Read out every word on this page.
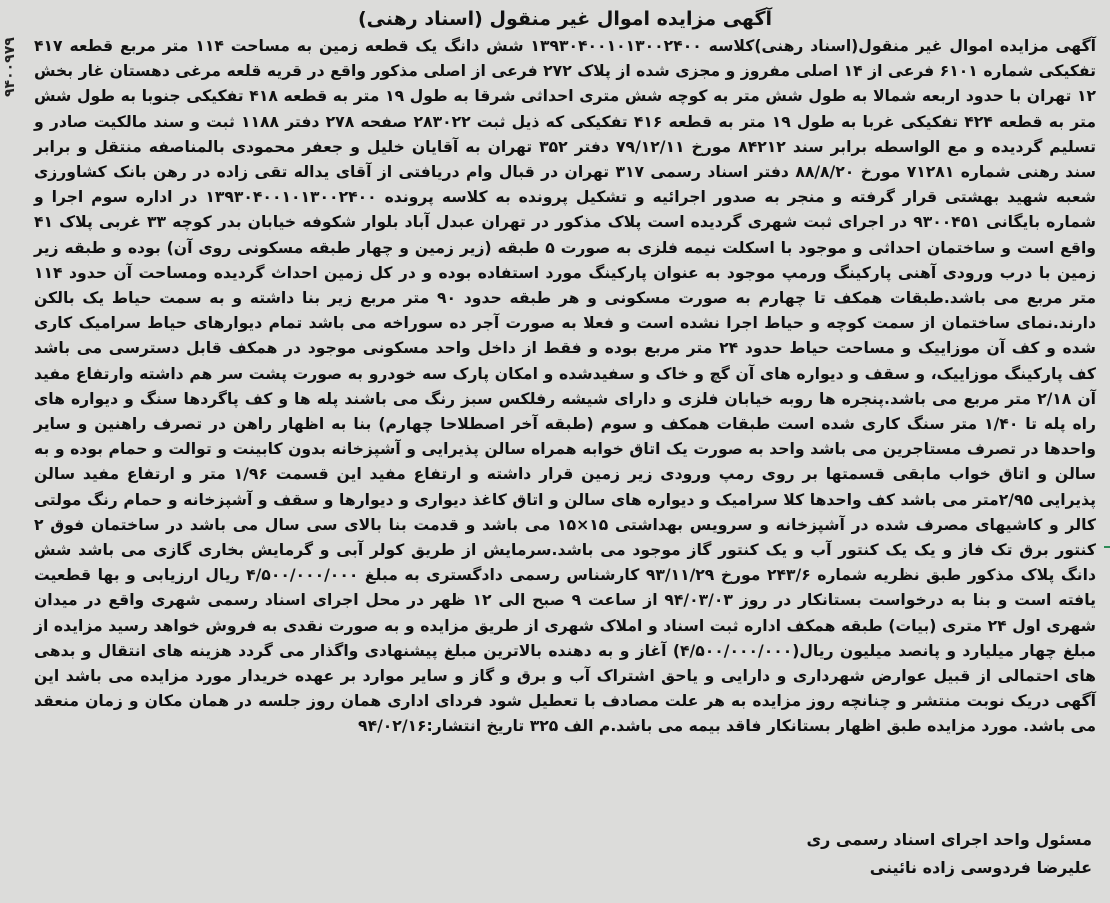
۹۴۰۰۹۷۹
آگهی مزایده اموال غیر منقول (اسناد رهنی)

آگهی مزایده اموال غیر منقول(اسناد رهنی)کلاسه ۱۳۹۳۰۴۰۰۱۰۱۳۰۰۲۴۰۰ شش دانگ یک قطعه زمین به مساحت ۱۱۴ متر مربع قطعه ۴۱۷ تفکیکی شماره ۶۱۰۱ فرعی از ۱۴ اصلی مفروز و مجزی شده از پلاک ۲۷۲ فرعی از اصلی مذکور واقع در قریه قلعه مرغی دهستان غار بخش ۱۲ تهران با حدود اربعه شمالا به طول شش متر به کوچه شش متری احداثی شرقا به طول ۱۹ متر به قطعه ۴۱۸ تفکیکی جنوبا به طول شش متر به قطعه ۴۲۴ تفکیکی غربا به طول ۱۹ متر به قطعه ۴۱۶ تفکیکی که ذیل ثبت ۲۸۳۰۲۲ صفحه ۲۷۸ دفتر ۱۱۸۸ ثبت و سند مالکیت صادر و تسلیم گردیده و مع الواسطه برابر سند ۸۴۲۱۲ مورخ ۷۹/۱۲/۱۱ دفتر ۳۵۲ تهران به آقایان خلیل و جعفر محمودی بالمناصفه منتقل و برابر سند رهنی شماره ۷۱۲۸۱ مورخ ۸۸/۸/۲۰ دفتر اسناد رسمی ۳۱۷ تهران در قبال وام دریافتی از آقای یداله تقی زاده در رهن بانک کشاورزی شعبه شهید بهشتی قرار گرفته و منجر به صدور اجرائیه و تشکیل پرونده به کلاسه پرونده ۱۳۹۳۰۴۰۰۱۰۱۳۰۰۲۴۰۰ در اداره سوم اجرا و شماره بایگانی ۹۳۰۰۴۵۱ در اجرای ثبت شهری گردیده است پلاک مذکور در تهران عبدل آباد بلوار شکوفه خیابان بدر کوچه ۳۳ غربی پلاک ۴۱ واقع است و ساختمان احداثی و موجود با اسکلت نیمه فلزی به صورت ۵ طبقه (زیر زمین و چهار طبقه مسکونی روی آن) بوده و طبقه زیر زمین با درب ورودی آهنی پارکینگ ورمپ موجود به عنوان پارکینگ مورد استفاده بوده و در کل زمین احداث گردیده ومساحت آن حدود ۱۱۴ متر مربع می باشد.طبقات همکف تا چهارم به صورت مسکونی و هر طبقه حدود ۹۰ متر مربع زیر بنا داشته و به سمت حیاط یک بالکن دارند.نمای ساختمان از سمت کوچه و حیاط اجرا نشده است و فعلا به صورت آجر ده سوراخه می باشد تمام دیوارهای حیاط سرامیک کاری شده و کف آن موزاییک و مساحت حیاط حدود ۲۴ متر مربع بوده و فقط از داخل واحد مسکونی موجود در همکف قابل دسترسی می باشد کف پارکینگ موزاییک، و سقف و دیواره های آن گچ و خاک و سفیدشده و امکان پارک سه خودرو به صورت پشت سر هم داشته وارتفاع مفید آن ۲/۱۸ متر مربع می باشد.پنجره ها روبه خیابان فلزی و دارای شیشه رفلکس سبز رنگ می باشند پله ها و کف پاگردها سنگ و دیواره های راه پله تا ۱/۴۰ متر سنگ کاری شده است طبقات همکف و سوم (طبقه آخر اصطلاحا چهارم) بنا به اظهار راهن در تصرف راهنین و سایر واحدها در تصرف مستاجرین می باشد واحد به صورت یک اتاق خوابه همراه سالن پذیرایی و آشپزخانه بدون کابینت و توالت و حمام بوده و به سالن و اتاق خواب مابقی قسمتها بر روی رمپ ورودی زیر زمین قرار داشته و ارتفاع مفید این قسمت ۱/۹۶ متر و ارتفاع مفید سالن پذیرایی ۲/۹۵متر می باشد کف واحدها کلا سرامیک و دیواره های سالن و اتاق کاغذ دیواری و دیوارها و سقف و آشپزخانه و حمام رنگ مولتی کالر و کاشیهای مصرف شده در آشپزخانه و سرویس بهداشتی ۱۵×۱۵ می باشد و قدمت بنا بالای سی سال می باشد در ساختمان فوق ۲ کنتور برق تک فاز و یک یک کنتور آب و یک کنتور گاز موجود می باشد.سرمایش از طریق کولر آبی و گرمایش بخاری گازی می باشد شش دانگ پلاک مذکور طبق نظریه شماره ۲۴۳/۶ مورخ ۹۳/۱۱/۲۹ کارشناس رسمی دادگستری به مبلغ ۴/۵۰۰/۰۰۰/۰۰۰ ریال ارزیابی و بها قطعیت یافته است و بنا به درخواست بستانکار در روز ۹۴/۰۳/۰۳ از ساعت ۹ صبح الی ۱۲ ظهر در محل اجرای اسناد رسمی شهری واقع در میدان شهری اول ۲۴ متری (بیات) طبقه همکف اداره ثبت اسناد و املاک شهری از طریق مزایده و به صورت نقدی به فروش خواهد رسید مزایده از مبلغ چهار میلیارد و پانصد میلیون ریال(۴/۵۰۰/۰۰۰/۰۰۰) آغاز و به دهنده بالاترین مبلغ پیشنهادی واگذار می گردد هزینه های انتقال و بدهی های احتمالی از قبیل عوارض شهرداری و دارایی و یاحق اشتراک آب و برق و گاز و سایر موارد بر عهده خریدار مورد مزایده می باشد این آگهی دریک نوبت منتشر و چنانچه روز مزایده به هر علت مصادف با تعطیل شود فردای اداری همان روز جلسه در همان مکان و زمان منعقد می باشد. مورد مزایده طبق اظهار بستانکار فاقد بیمه می باشد.م الف ۳۲۵ تاریخ انتشار:۹۴/۰۲/۱۶

مسئول واحد اجرای اسناد رسمی ری
علیرضا فردوسی زاده نائینی
